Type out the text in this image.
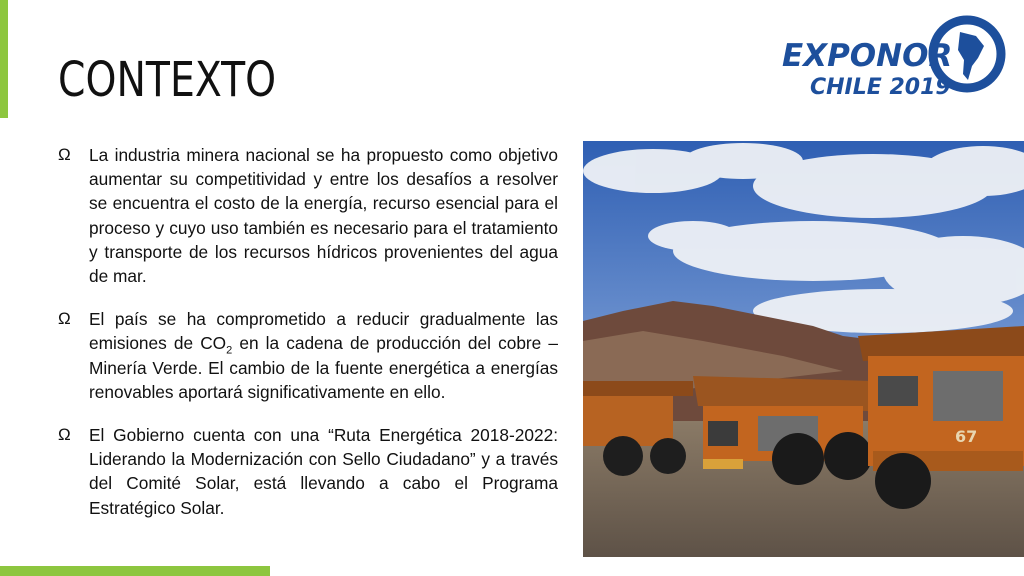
CONTEXTO
Ω La industria minera nacional se ha propuesto como objetivo aumentar su competitividad y entre los desafíos a resolver se encuentra el costo de la energía, recurso esencial para el proceso y cuyo uso también es necesario para el tratamiento y transporte de los recursos hídricos provenientes del agua de mar.
Ω El país se ha comprometido a reducir gradualmente las emisiones de $CO_2$ en la cadena de producción del cobre – Minería Verde. El cambio de la fuente energética a energías renovables aportará significativamente en ello.
Ω El Gobierno cuenta con una “Ruta Energética 2018-2022: Liderando la Modernización con Sello Ciudadano” y a través del Comité Solar, está llevando a cabo el Programa Estratégico Solar.
EXPONOR
CHILE 2019
67
